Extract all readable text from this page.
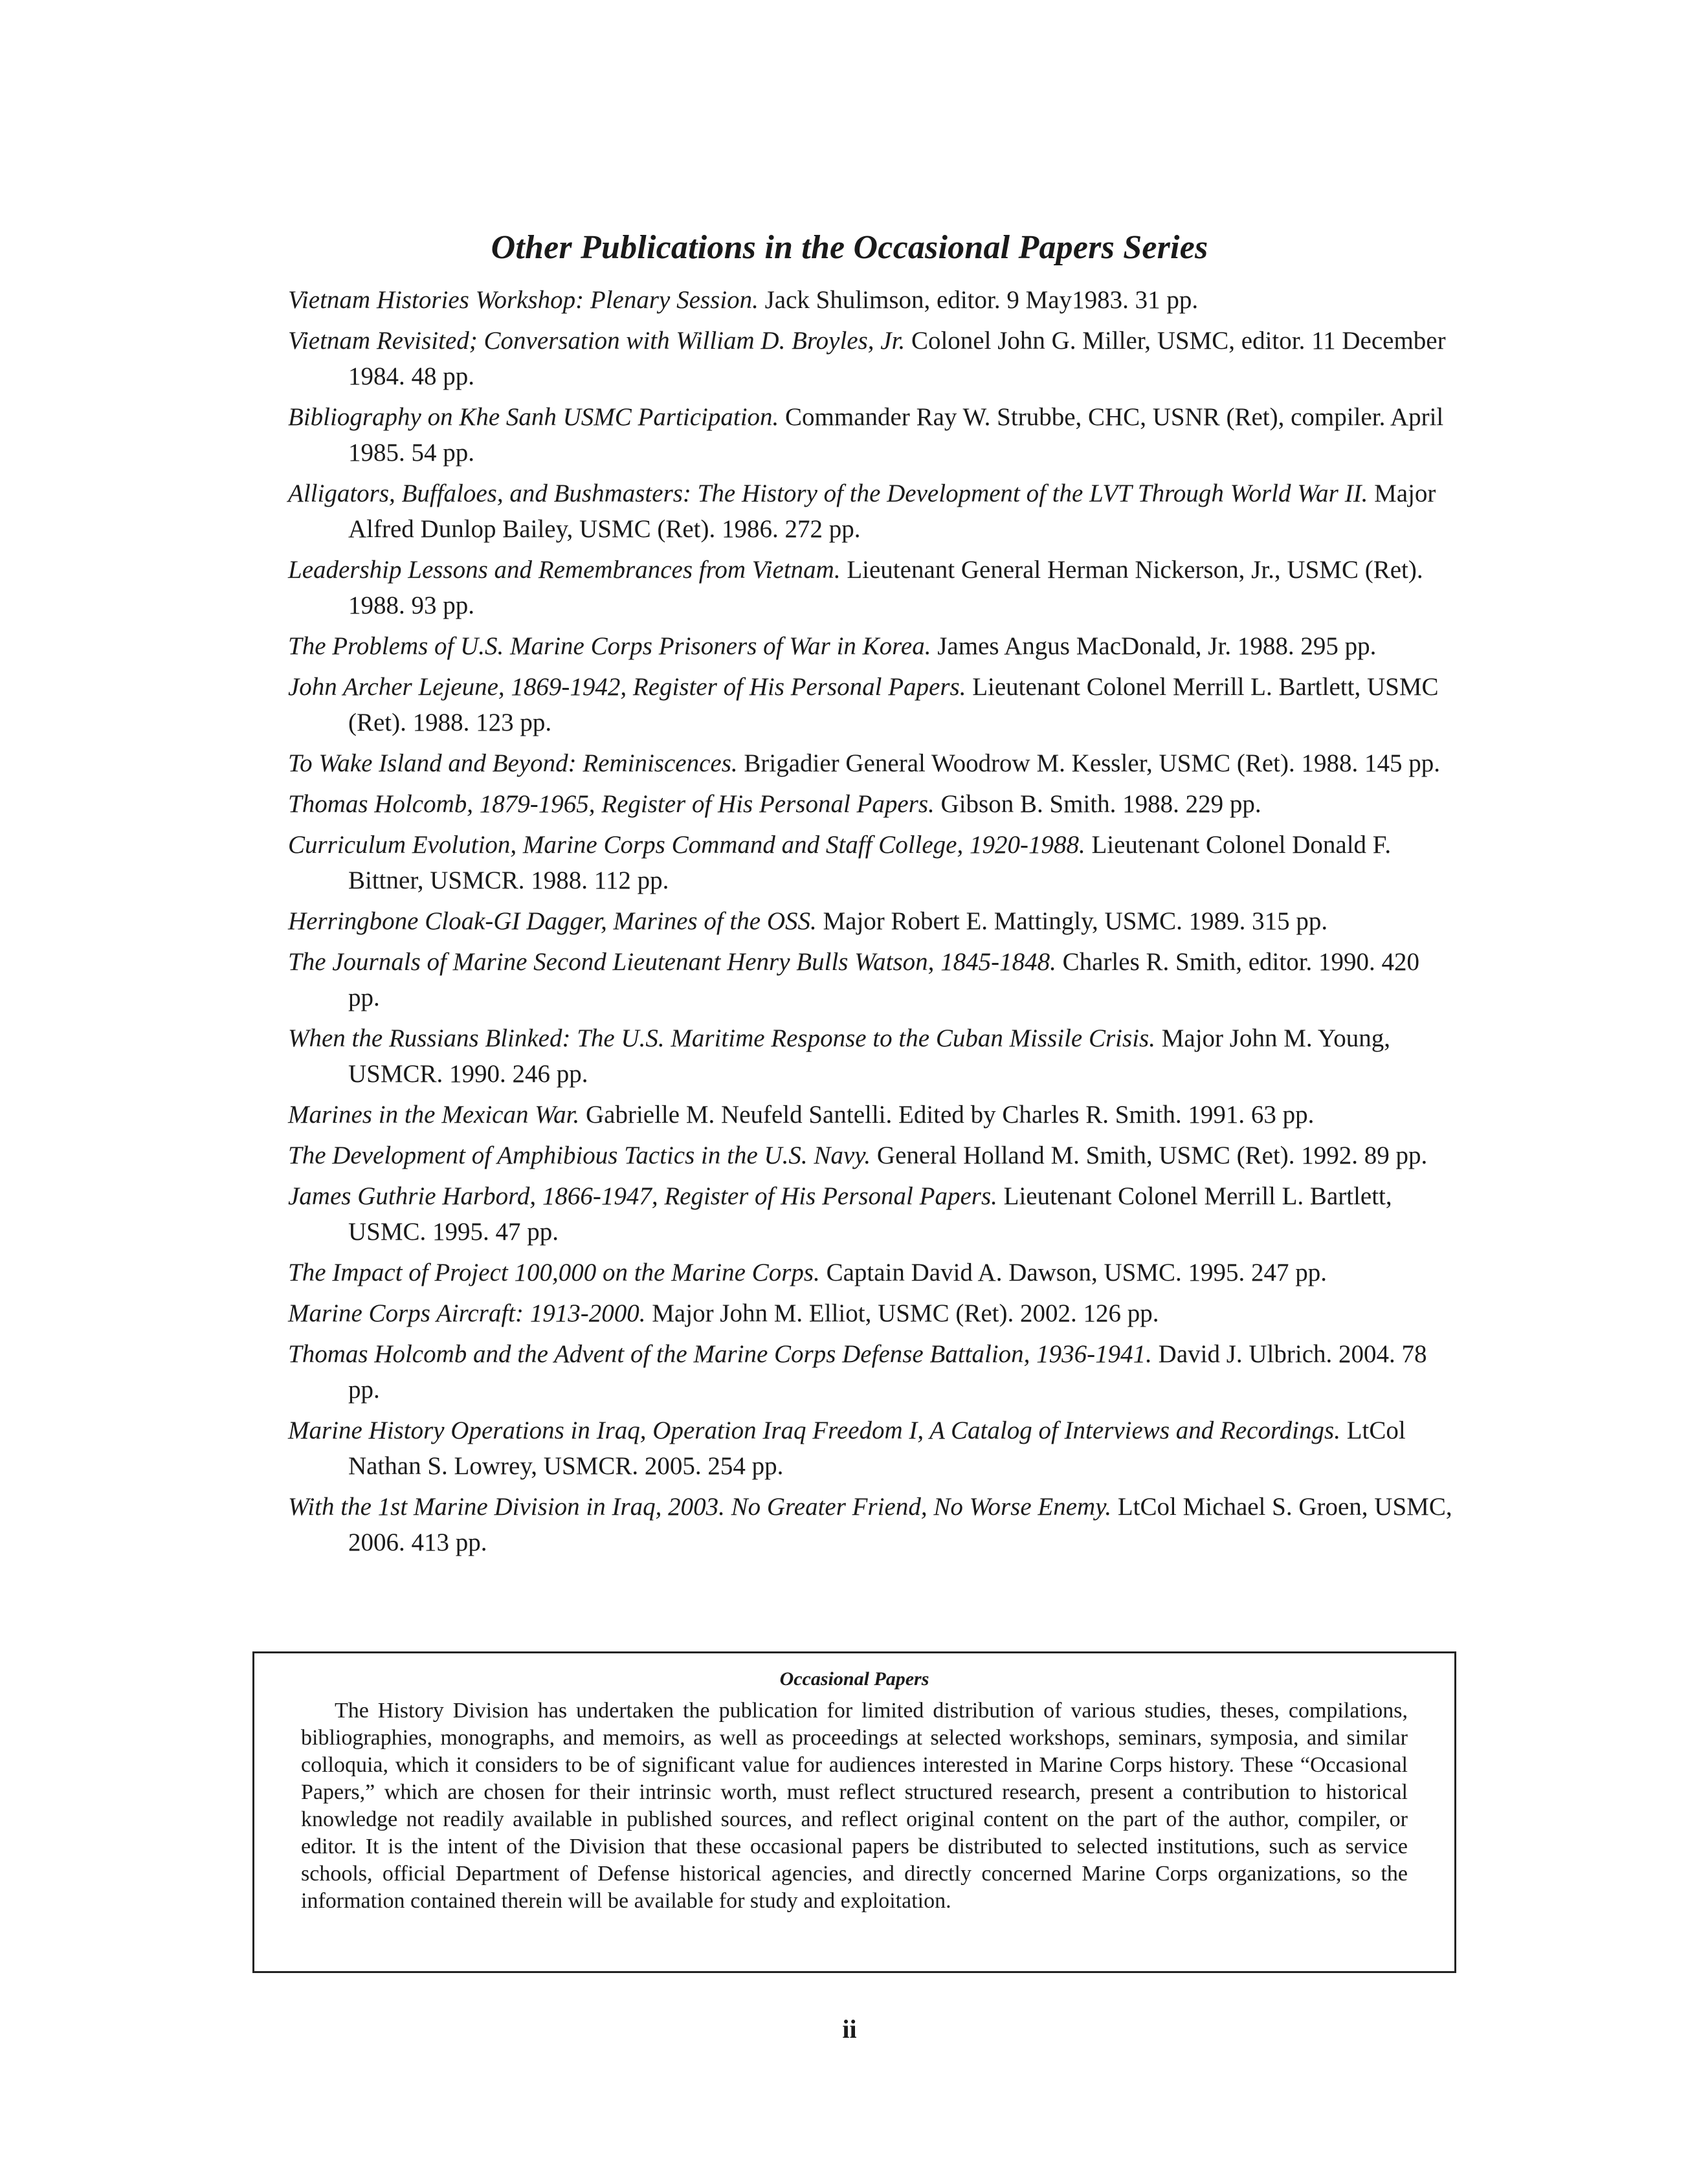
Other Publications in the Occasional Papers Series
Vietnam Histories Workshop: Plenary Session. Jack Shulimson, editor. 9 May1983. 31 pp.
Vietnam Revisited; Conversation with William D. Broyles, Jr. Colonel John G. Miller, USMC, editor. 11 December 1984. 48 pp.
Bibliography on Khe Sanh USMC Participation. Commander Ray W. Strubbe, CHC, USNR (Ret), compiler. April 1985. 54 pp.
Alligators, Buffaloes, and Bushmasters: The History of the Development of the LVT Through World War II. Major Alfred Dunlop Bailey, USMC (Ret). 1986. 272 pp.
Leadership Lessons and Remembrances from Vietnam. Lieutenant General Herman Nickerson, Jr., USMC (Ret). 1988. 93 pp.
The Problems of U.S. Marine Corps Prisoners of War in Korea. James Angus MacDonald, Jr. 1988. 295 pp.
John Archer Lejeune, 1869-1942, Register of His Personal Papers. Lieutenant Colonel Merrill L. Bartlett, USMC (Ret). 1988. 123 pp.
To Wake Island and Beyond: Reminiscences. Brigadier General Woodrow M. Kessler, USMC (Ret). 1988. 145 pp.
Thomas Holcomb, 1879-1965, Register of His Personal Papers. Gibson B. Smith. 1988. 229 pp.
Curriculum Evolution, Marine Corps Command and Staff College, 1920-1988. Lieutenant Colonel Donald F. Bittner, USMCR. 1988. 112 pp.
Herringbone Cloak-GI Dagger, Marines of the OSS. Major Robert E. Mattingly, USMC. 1989. 315 pp.
The Journals of Marine Second Lieutenant Henry Bulls Watson, 1845-1848. Charles R. Smith, editor. 1990. 420 pp.
When the Russians Blinked: The U.S. Maritime Response to the Cuban Missile Crisis. Major John M. Young, USMCR. 1990. 246 pp.
Marines in the Mexican War. Gabrielle M. Neufeld Santelli. Edited by Charles R. Smith. 1991. 63 pp.
The Development of Amphibious Tactics in the U.S. Navy. General Holland M. Smith, USMC (Ret). 1992. 89 pp.
James Guthrie Harbord, 1866-1947, Register of His Personal Papers. Lieutenant Colonel Merrill L. Bartlett, USMC. 1995. 47 pp.
The Impact of Project 100,000 on the Marine Corps. Captain David A. Dawson, USMC. 1995. 247 pp.
Marine Corps Aircraft: 1913-2000. Major John M. Elliot, USMC (Ret). 2002. 126 pp.
Thomas Holcomb and the Advent of the Marine Corps Defense Battalion, 1936-1941. David J. Ulbrich. 2004. 78 pp.
Marine History Operations in Iraq, Operation Iraq Freedom I, A Catalog of Interviews and Recordings. LtCol Nathan S. Lowrey, USMCR. 2005. 254 pp.
With the 1st Marine Division in Iraq, 2003. No Greater Friend, No Worse Enemy. LtCol Michael S. Groen, USMC, 2006. 413 pp.
Occasional Papers

The History Division has undertaken the publication for limited distribution of various studies, theses, compilations, bibliographies, monographs, and memoirs, as well as proceedings at selected workshops, seminars, symposia, and similar colloquia, which it considers to be of significant value for audiences interested in Marine Corps history. These “Occasional Papers,” which are chosen for their intrinsic worth, must reflect structured research, present a contribution to historical knowledge not readily available in published sources, and reflect original content on the part of the author, compiler, or editor. It is the intent of the Division that these occasional papers be distributed to selected institutions, such as service schools, official Department of Defense historical agencies, and directly concerned Marine Corps organizations, so the information contained therein will be available for study and exploitation.

ii
